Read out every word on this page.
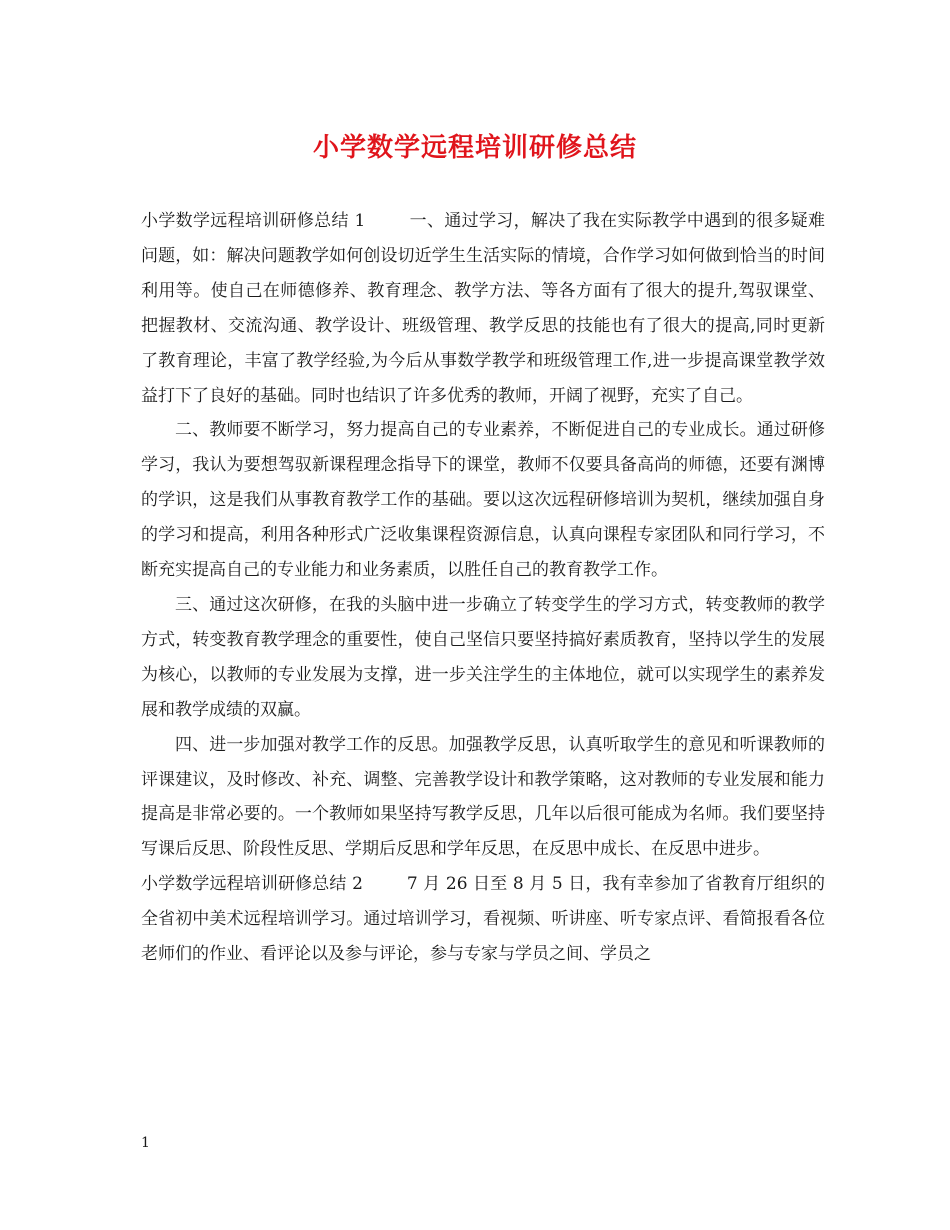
小学数学远程培训研修总结

小学数学远程培训研修总结 1	一、通过学习，解决了我在实际教学中遇到的很多疑难问题，如：解决问题教学如何创设切近学生生活实际的情境，合作学习如何做到恰当的时间利用等。使自己在师德修养、教育理念、教学方法、等各方面有了很大的提升,驾驭课堂、把握教材、交流沟通、教学设计、班级管理、教学反思的技能也有了很大的提高,同时更新了教育理论，丰富了教学经验,为今后从事数学教学和班级管理工作,进一步提高课堂教学效益打下了良好的基础。同时也结识了许多优秀的教师，开阔了视野，充实了自己。

二、教师要不断学习，努力提高自己的专业素养，不断促进自己的专业成长。通过研修学习，我认为要想驾驭新课程理念指导下的课堂，教师不仅要具备高尚的师德，还要有渊博的学识，这是我们从事教育教学工作的基础。要以这次远程研修培训为契机，继续加强自身的学习和提高，利用各种形式广泛收集课程资源信息，认真向课程专家团队和同行学习，不断充实提高自己的专业能力和业务素质，以胜任自己的教育教学工作。

三、通过这次研修，在我的头脑中进一步确立了转变学生的学习方式，转变教师的教学方式，转变教育教学理念的重要性，使自己坚信只要坚持搞好素质教育，坚持以学生的发展为核心，以教师的专业发展为支撑，进一步关注学生的主体地位，就可以实现学生的素养发展和教学成绩的双赢。

四、进一步加强对教学工作的反思。加强教学反思，认真听取学生的意见和听课教师的评课建议，及时修改、补充、调整、完善教学设计和教学策略，这对教师的专业发展和能力提高是非常必要的。一个教师如果坚持写教学反思，几年以后很可能成为名师。我们要坚持写课后反思、阶段性反思、学期后反思和学年反思，在反思中成长、在反思中进步。

小学数学远程培训研修总结 2	7 月 26 日至 8 月 5 日，我有幸参加了省教育厅组织的全省初中美术远程培训学习。通过培训学习，看视频、听讲座、听专家点评、看简报看各位老师们的作业、看评论以及参与评论，参与专家与学员之间、学员之

1
